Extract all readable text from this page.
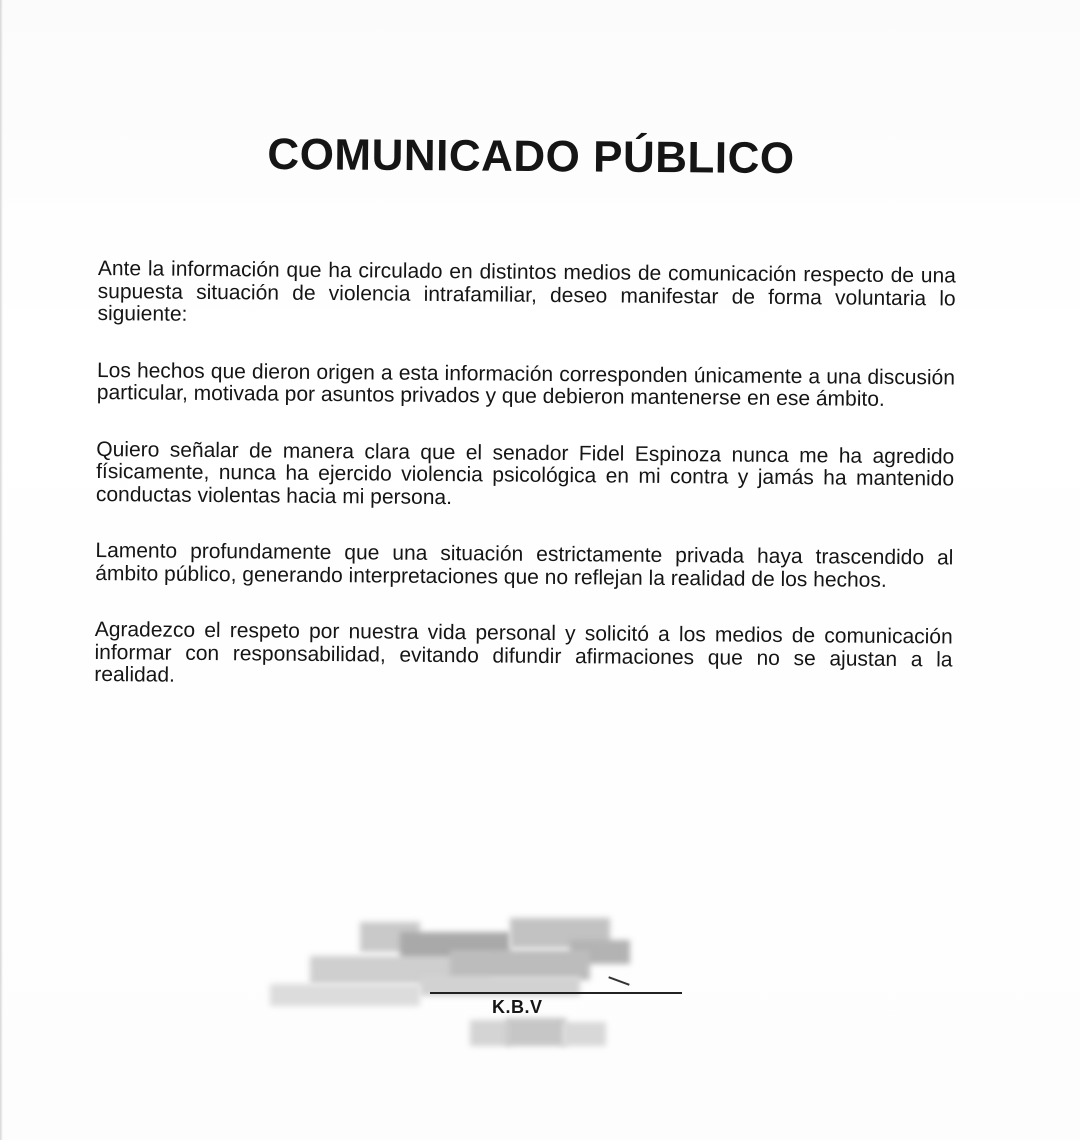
COMUNICADO PÚBLICO

Ante la información que ha circulado en distintos medios de comunicación respecto de una supuesta situación de violencia intrafamiliar, deseo manifestar de forma voluntaria lo siguiente:

Los hechos que dieron origen a esta información corresponden únicamente a una discusión particular, motivada por asuntos privados y que debieron mantenerse en ese ámbito.

Quiero señalar de manera clara que el senador Fidel Espinoza nunca me ha agredido físicamente, nunca ha ejercido violencia psicológica en mi contra y jamás ha mantenido conductas violentas hacia mi persona.

Lamento profundamente que una situación estrictamente privada haya trascendido al ámbito público, generando interpretaciones que no reflejan la realidad de los hechos.

Agradezco el respeto por nuestra vida personal y solicitó a los medios de comunicación informar con responsabilidad, evitando difundir afirmaciones que no se ajustan a la realidad.

K.B.V
